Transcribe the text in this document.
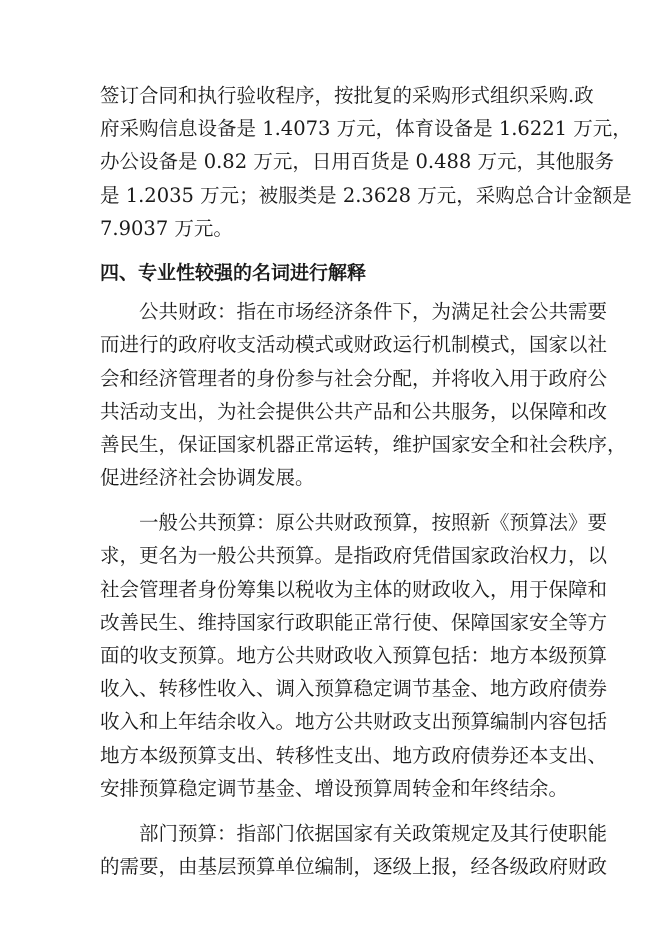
签订合同和执行验收程序，按批复的采购形式组织采购.政
府采购信息设备是 1.4073 万元，体育设备是 1.6221 万元，
办公设备是 0.82 万元，日用百货是 0.488 万元，其他服务
是 1.2035 万元；被服类是 2.3628 万元，采购总合计金额是
7.9037 万元。
四、专业性较强的名词进行解释
公共财政：指在市场经济条件下，为满足社会公共需要
而进行的政府收支活动模式或财政运行机制模式，国家以社
会和经济管理者的身份参与社会分配，并将收入用于政府公
共活动支出，为社会提供公共产品和公共服务，以保障和改
善民生，保证国家机器正常运转，维护国家安全和社会秩序，
促进经济社会协调发展。
一般公共预算：原公共财政预算，按照新《预算法》要
求，更名为一般公共预算。是指政府凭借国家政治权力，以
社会管理者身份筹集以税收为主体的财政收入，用于保障和
改善民生、维持国家行政职能正常行使、保障国家安全等方
面的收支预算。地方公共财政收入预算包括：地方本级预算
收入、转移性收入、调入预算稳定调节基金、地方政府债券
收入和上年结余收入。地方公共财政支出预算编制内容包括
地方本级预算支出、转移性支出、地方政府债券还本支出、
安排预算稳定调节基金、增设预算周转金和年终结余。
部门预算：指部门依据国家有关政策规定及其行使职能
的需要，由基层预算单位编制，逐级上报，经各级政府财政
